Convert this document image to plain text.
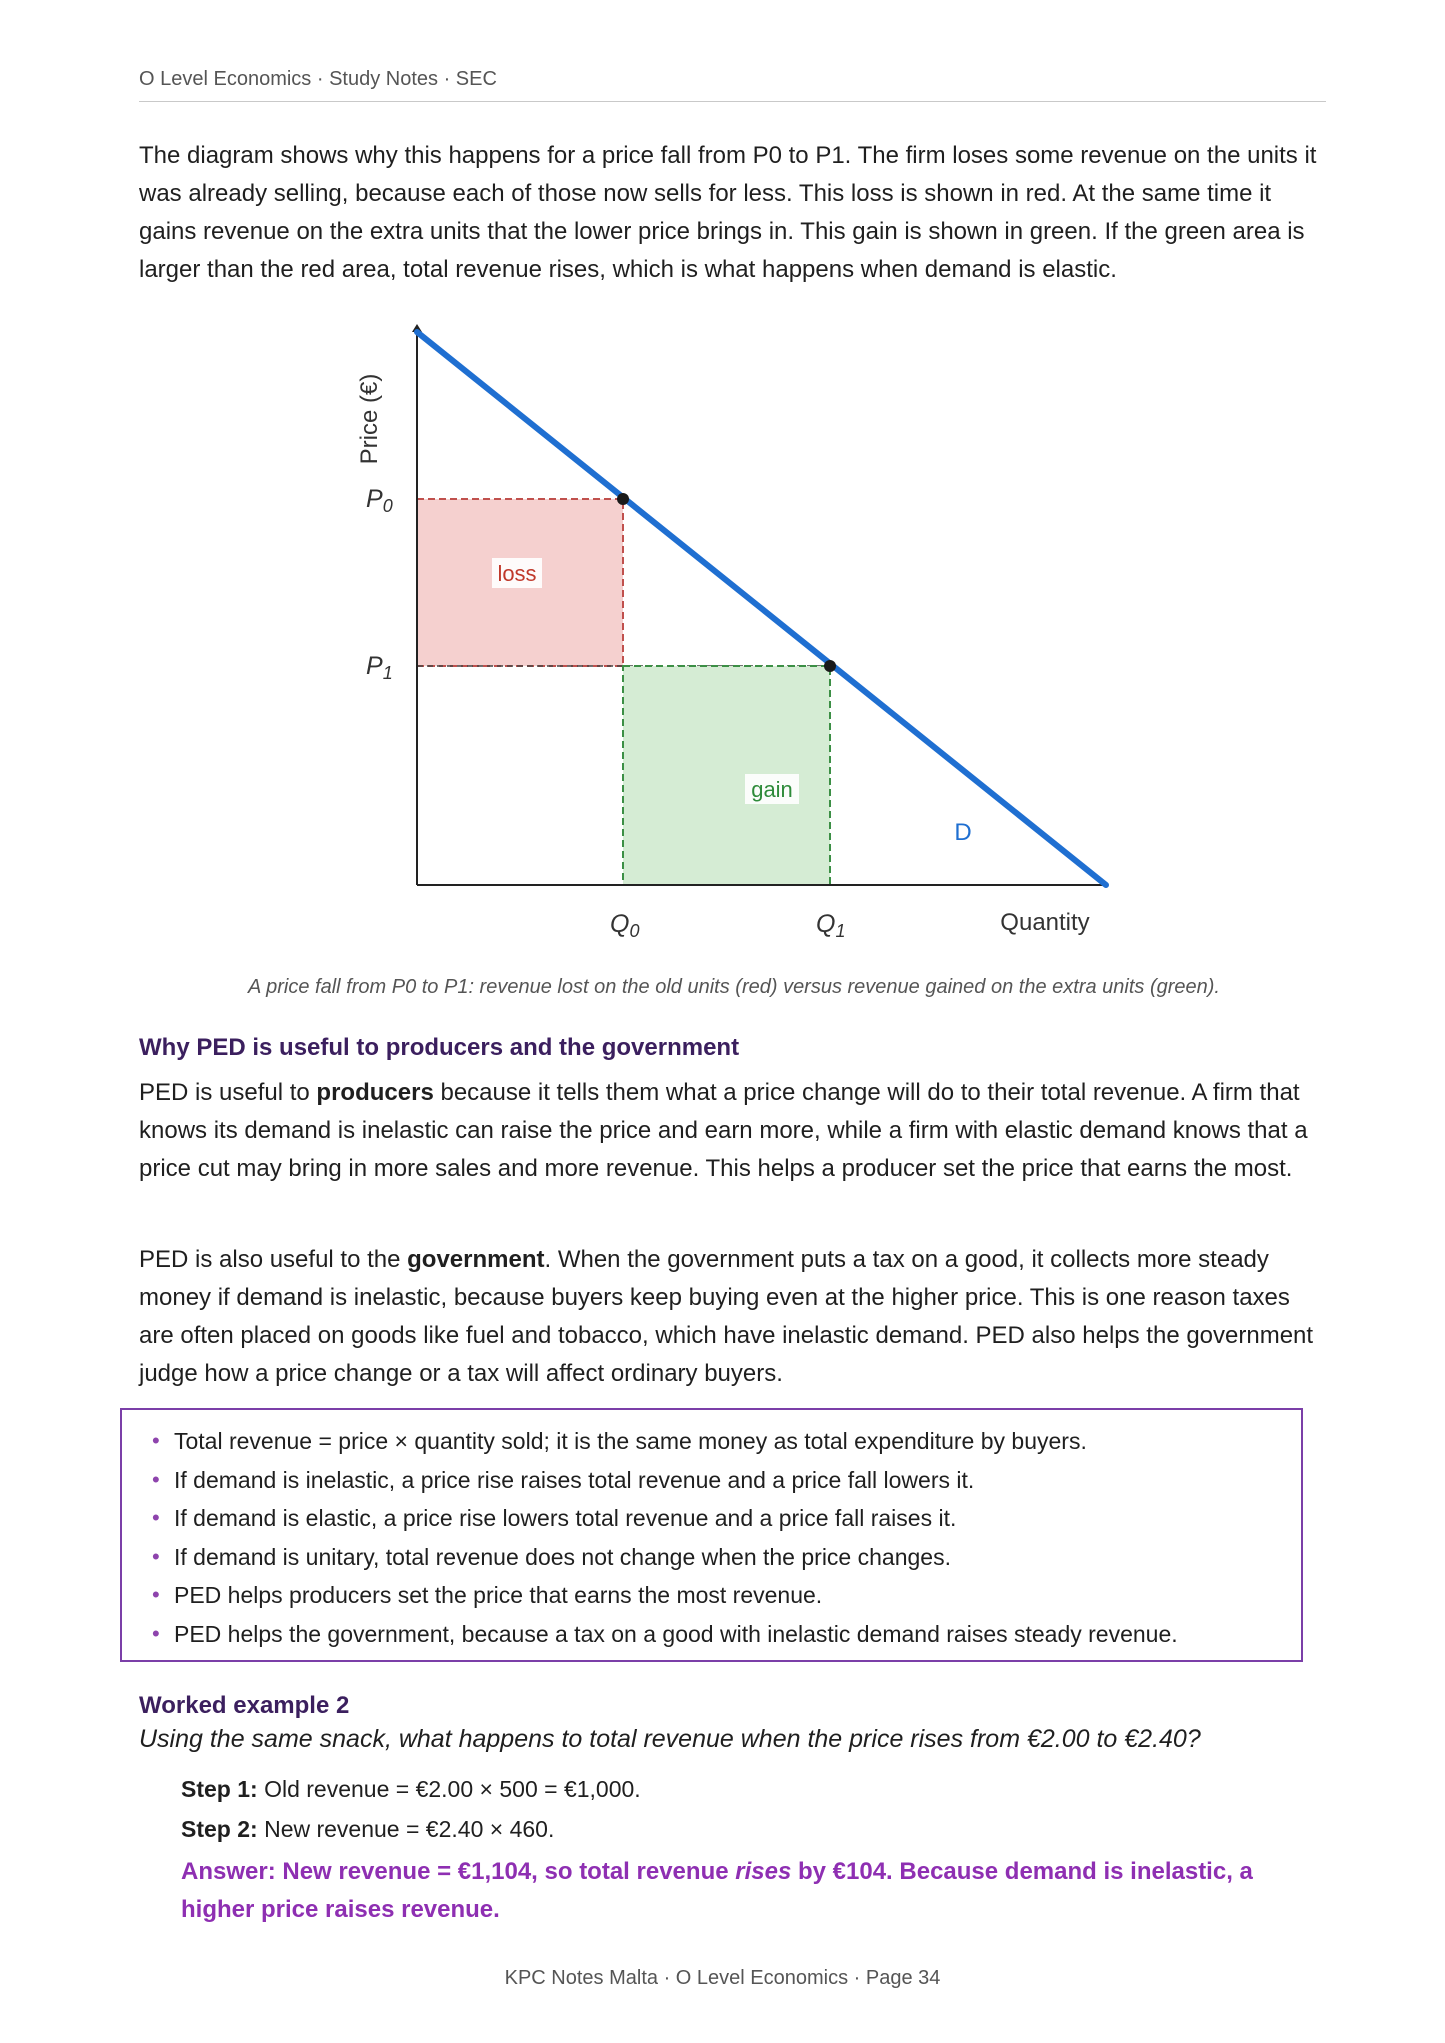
O Level Economics · Study Notes · SEC

The diagram shows why this happens for a price fall from P0 to P1. The firm loses some revenue on the units it was already selling, because each of those now sells for less. This loss is shown in red. At the same time it gains revenue on the extra units that the lower price brings in. This gain is shown in green. If the green area is larger than the red area, total revenue rises, which is what happens when demand is elastic.

Price (€)
$P_0$
$P_1$
$Q_0$	$Q_1$	Quantity
loss
gain
D
A price fall from P0 to P1: revenue lost on the old units (red) versus revenue gained on the extra units (green).
Why PED is useful to producers and the government

PED is useful to producers because it tells them what a price change will do to their total revenue. A firm that knows its demand is inelastic can raise the price and earn more, while a firm with elastic demand knows that a price cut may bring in more sales and more revenue. This helps a producer set the price that earns the most.

PED is also useful to the government. When the government puts a tax on a good, it collects more steady money if demand is inelastic, because buyers keep buying even at the higher price. This is one reason taxes are often placed on goods like fuel and tobacco, which have inelastic demand. PED also helps the government judge how a price change or a tax will affect ordinary buyers.

• Total revenue = price × quantity sold; it is the same money as total expenditure by buyers.
• If demand is inelastic, a price rise raises total revenue and a price fall lowers it.
• If demand is elastic, a price rise lowers total revenue and a price fall raises it.
• If demand is unitary, total revenue does not change when the price changes.
• PED helps producers set the price that earns the most revenue.
• PED helps the government, because a tax on a good with inelastic demand raises steady revenue.
Worked example 2

Using the same snack, what happens to total revenue when the price rises from €2.00 to €2.40?

Step 1: Old revenue = €2.00 × 500 = €1,000.

Step 2: New revenue = €2.40 × 460.

Answer: New revenue = €1,104, so total revenue rises by €104. Because demand is inelastic, a higher price raises revenue.

KPC Notes Malta · O Level Economics · Page 34
